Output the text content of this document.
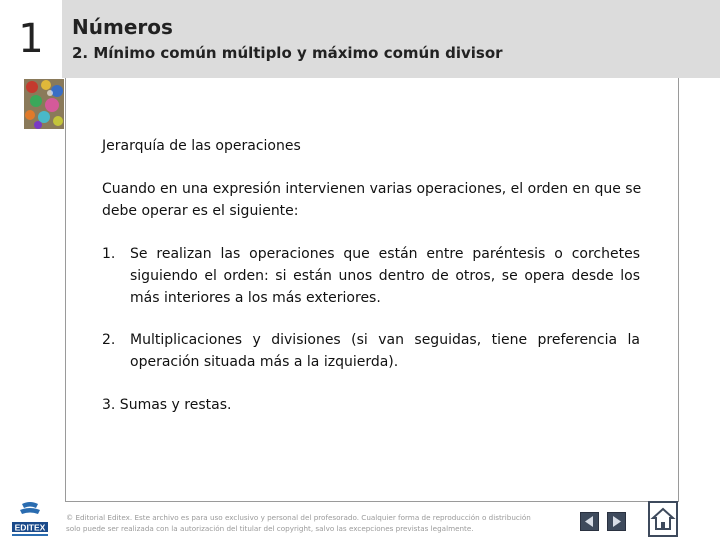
1	Números
2. Mínimo común múltiplo y máximo común divisor
Jerarquía de las operaciones
Cuando en una expresión intervienen varias operaciones, el orden en que se debe operar es el siguiente:
1. Se realizan las operaciones que están entre paréntesis o corchetes siguiendo el orden: si están unos dentro de otros, se opera desde los más interiores a los más exteriores.
2. Multiplicaciones y divisiones (si van seguidas, tiene preferencia la operación situada más a la izquierda).
3. Sumas y restas.
EDITEX
© Editorial Editex. Este archivo es para uso exclusivo y personal del profesorado. Cualquier forma de reproducción o distribución solo puede ser realizada con la autorización del titular del copyright, salvo las excepciones previstas legalmente.
